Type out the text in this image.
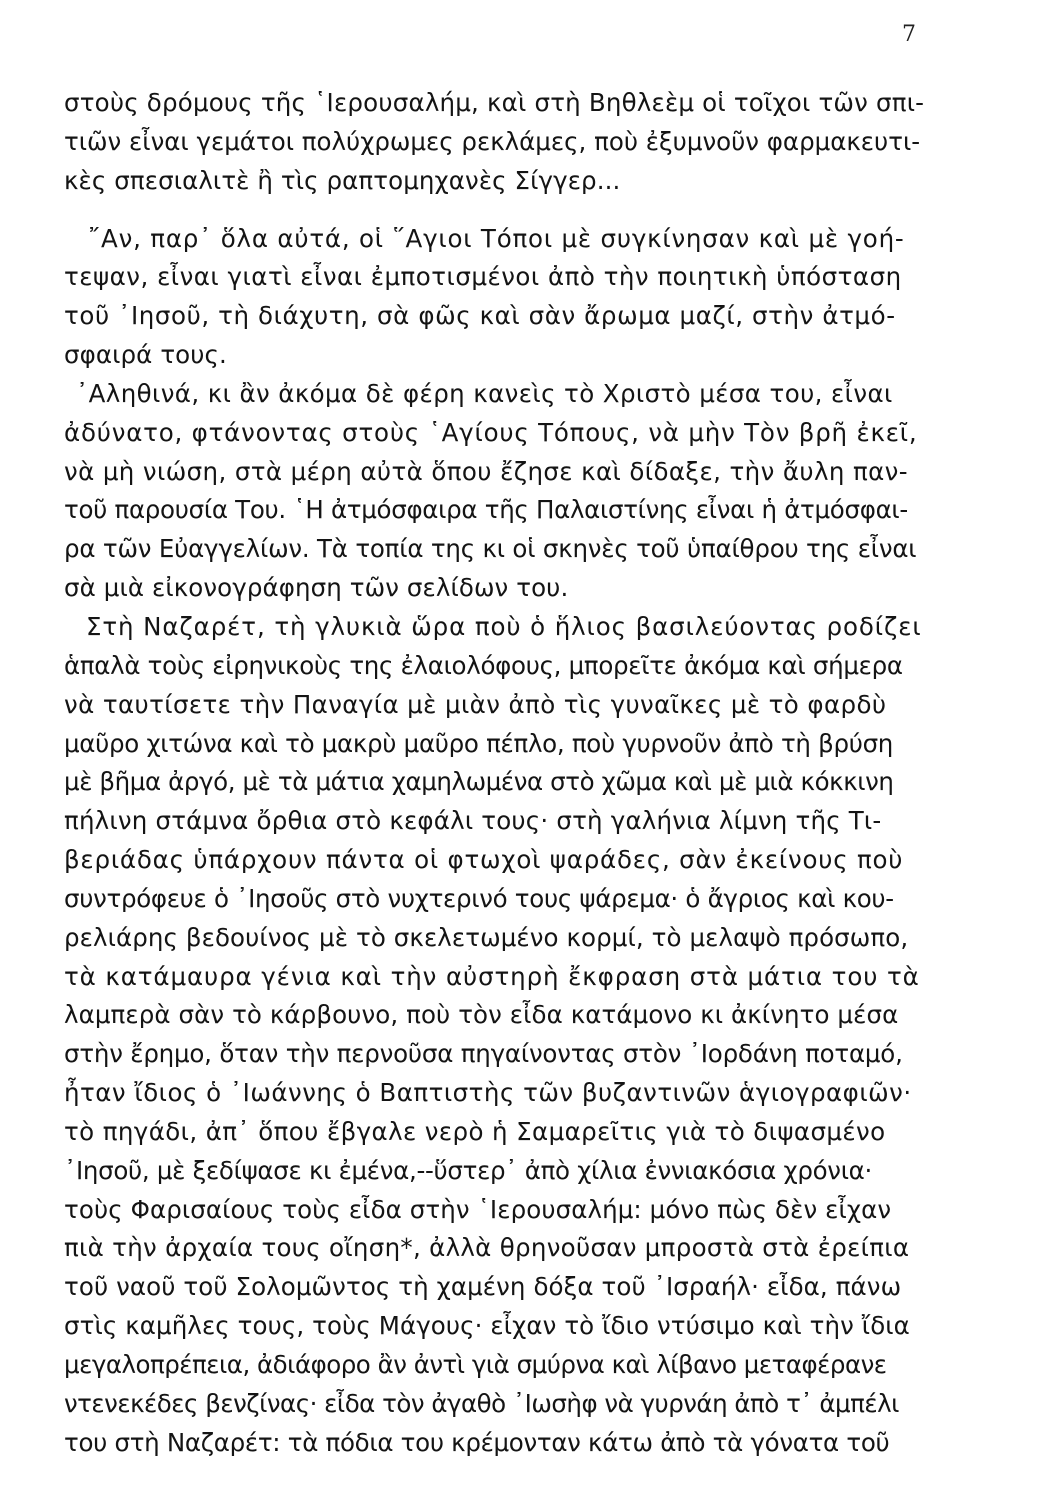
7
στοὺς δρόμους τῆς ῾Ιερουσαλήμ, καὶ στὴ Βηθλεὲμ οἱ τοῖχοι τῶν σπι-
τιῶν εἶναι γεμάτοι πολύχρωμες ρεκλάμες, ποὺ ἐξυμνοῦν φαρμακευτι-
κὲς σπεσιαλιτὲ ἢ τὶς ραπτομηχανὲς Σίγγερ...
῎Αν, παρ᾿ ὅλα αὐτά, οἱ ῞Αγιοι Τόποι μὲ συγκίνησαν καὶ μὲ γοή-
τεψαν, εἶναι γιατὶ εἶναι ἐμποτισμένοι ἀπὸ τὴν ποιητικὴ ὑπόσταση
τοῦ ᾿Ιησοῦ, τὴ διάχυτη, σὰ φῶς καὶ σὰν ἄρωμα μαζί, στὴν ἀτμό-
σφαιρά τους.
᾿Αληθινά, κι ἂν ἀκόμα δὲ φέρη κανεὶς τὸ Χριστὸ μέσα του, εἶναι
ἀδύνατο, φτάνοντας στοὺς ῾Αγίους Τόπους, νὰ μὴν Τὸν βρῆ ἐκεῖ,
νὰ μὴ νιώση, στὰ μέρη αὐτὰ ὅπου ἔζησε καὶ δίδαξε, τὴν ἄυλη παν-
τοῦ παρουσία Του. ῾Η ἀτμόσφαιρα τῆς Παλαιστίνης εἶναι ἡ ἀτμόσφαι-
ρα τῶν Εὐαγγελίων. Τὰ τοπία της κι οἱ σκηνὲς τοῦ ὑπαίθρου της εἶναι
σὰ μιὰ εἰκονογράφηση τῶν σελίδων του.
Στὴ Ναζαρέτ, τὴ γλυκιὰ ὥρα ποὺ ὁ ἥλιος βασιλεύοντας ροδίζει
ἁπαλὰ τοὺς εἰρηνικοὺς της ἐλαιολόφους, μπορεῖτε ἀκόμα καὶ σήμερα
νὰ ταυτίσετε τὴν Παναγία μὲ μιὰν ἀπὸ τὶς γυναῖκες μὲ τὸ φαρδὺ
μαῦρο χιτώνα καὶ τὸ μακρὺ μαῦρο πέπλο, ποὺ γυρνοῦν ἀπὸ τὴ βρύση
μὲ βῆμα ἀργό, μὲ τὰ μάτια χαμηλωμένα στὸ χῶμα καὶ μὲ μιὰ κόκκινη
πήλινη στάμνα ὄρθια στὸ κεφάλι τους· στὴ γαλήνια λίμνη τῆς Τι-
βεριάδας ὑπάρχουν πάντα οἱ φτωχοὶ ψαράδες, σὰν ἐκείνους ποὺ
συντρόφευε ὁ ᾿Ιησοῦς στὸ νυχτερινό τους ψάρεμα· ὁ ἄγριος καὶ κου-
ρελιάρης βεδουίνος μὲ τὸ σκελετωμένο κορμί, τὸ μελαψὸ πρόσωπο,
τὰ κατάμαυρα γένια καὶ τὴν αὐστηρὴ ἔκφραση στὰ μάτια του τὰ
λαμπερὰ σὰν τὸ κάρβουνο, ποὺ τὸν εἶδα κατάμονο κι ἀκίνητο μέσα
στὴν ἔρημο, ὅταν τὴν περνοῦσα πηγαίνοντας στὸν ᾿Ιορδάνη ποταμό,
ἦταν ἴδιος ὁ ᾿Ιωάννης ὁ Βαπτιστὴς τῶν βυζαντινῶν ἁγιογραφιῶν·
τὸ πηγάδι, ἀπ᾿ ὅπου ἔβγαλε νερὸ ἡ Σαμαρεῖτις γιὰ τὸ διψασμένο
᾿Ιησοῦ, μὲ ξεδίψασε κι ἐμένα,--ὕστερ᾿ ἀπὸ χίλια ἐννιακόσια χρόνια·
τοὺς Φαρισαίους τοὺς εἶδα στὴν ῾Ιερουσαλήμ: μόνο πὼς δὲν εἶχαν
πιὰ τὴν ἀρχαία τους οἴηση*, ἀλλὰ θρηνοῦσαν μπροστὰ στὰ ἐρείπια
τοῦ ναοῦ τοῦ Σολομῶντος τὴ χαμένη δόξα τοῦ ᾿Ισραήλ· εἶδα, πάνω
στὶς καμῆλες τους, τοὺς Μάγους· εἶχαν τὸ ἴδιο ντύσιμο καὶ τὴν ἴδια
μεγαλοπρέπεια, ἀδιάφορο ἂν ἀντὶ γιὰ σμύρνα καὶ λίβανο μεταφέρανε
ντενεκέδες βενζίνας· εἶδα τὸν ἀγαθὸ ᾿Ιωσὴφ νὰ γυρνάη ἀπὸ τ᾿ ἀμπέλι
του στὴ Ναζαρέτ: τὰ πόδια του κρέμονταν κάτω ἀπὸ τὰ γόνατα τοῦ
